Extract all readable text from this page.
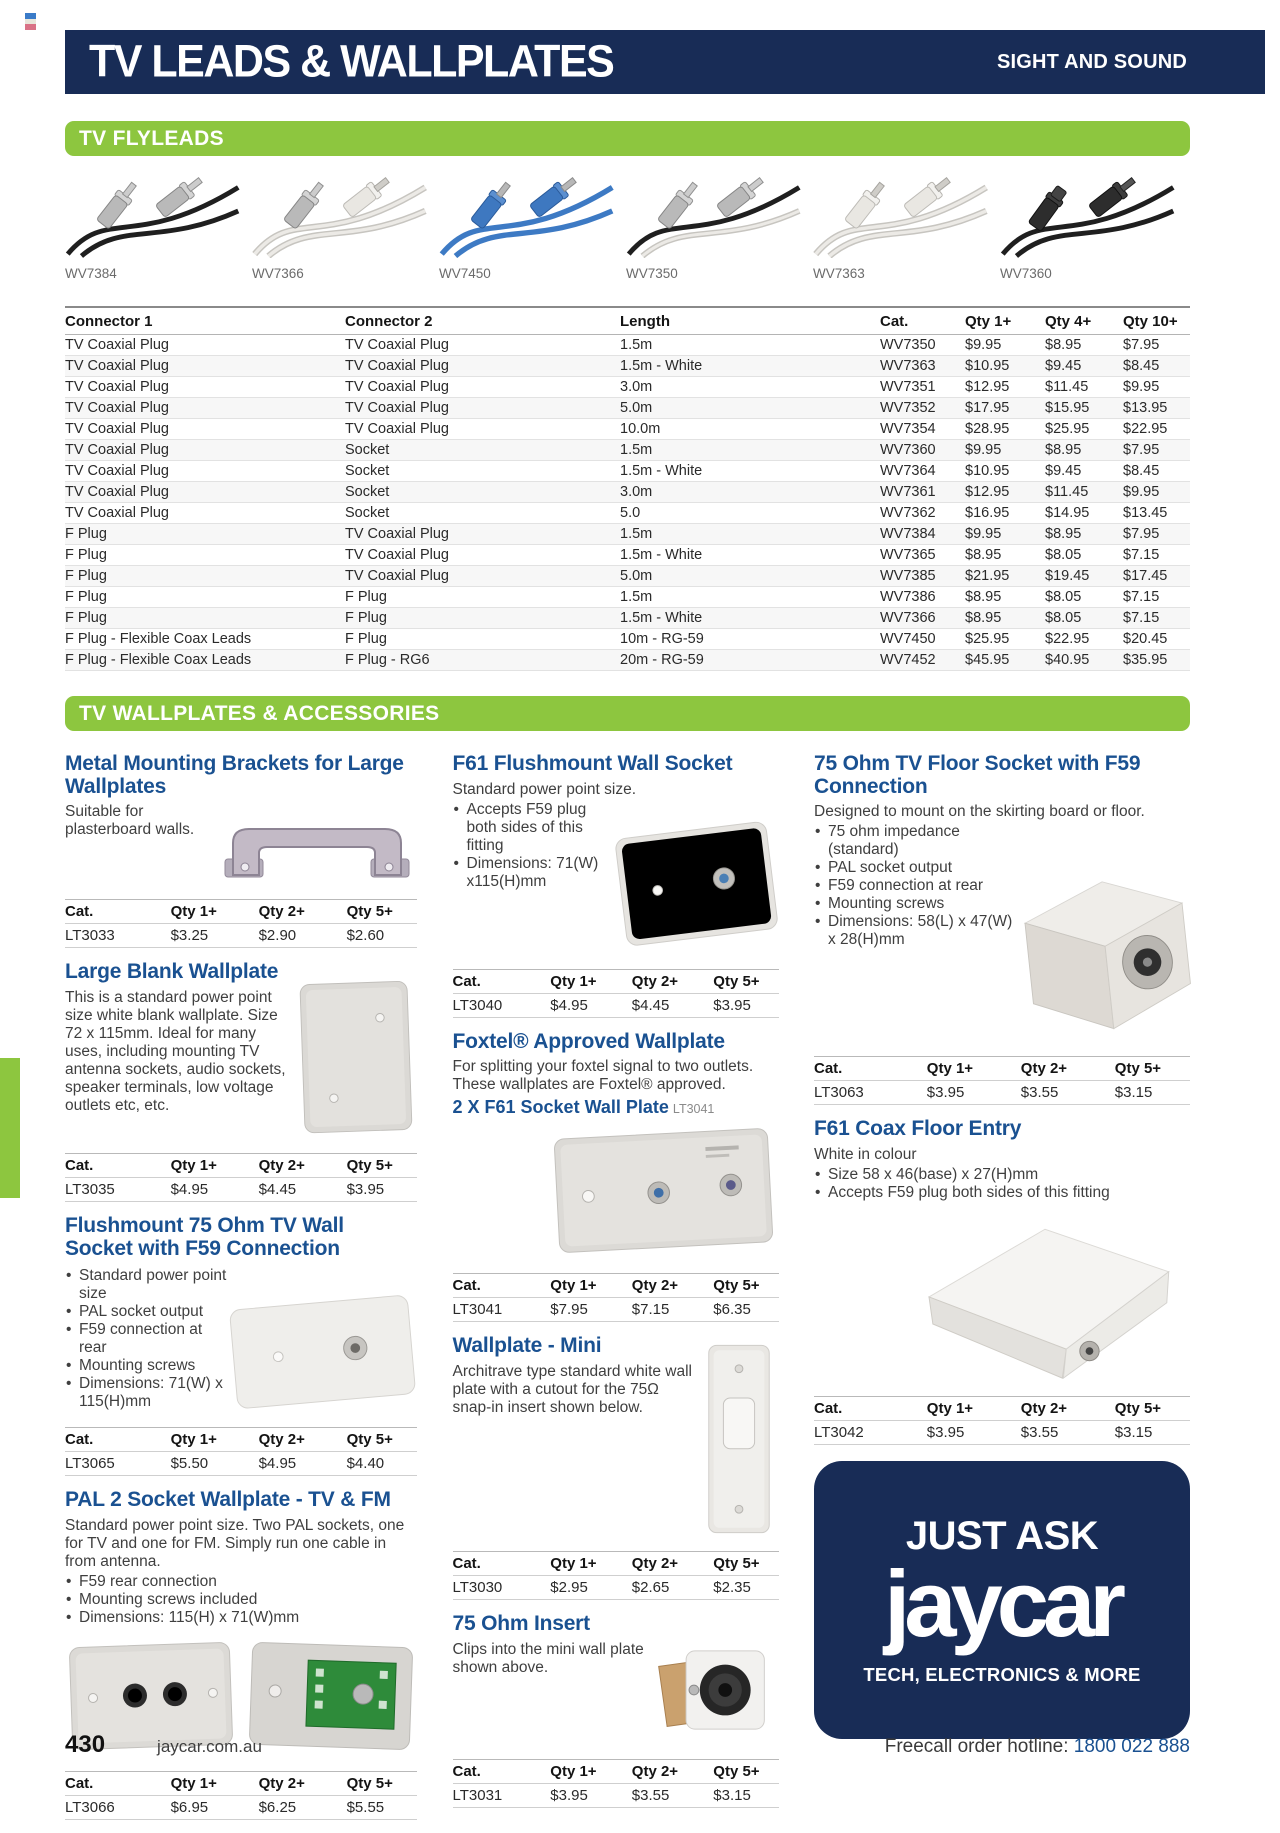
TV LEADS & WALLPLATES	SIGHT AND SOUND
TV FLYLEADS
WV7384	WV7366	WV7450	WV7350	WV7363	WV7360
Connector 1	Connector 2	Length	Cat.	Qty 1+	Qty 4+	Qty 10+
TV Coaxial Plug	TV Coaxial Plug	1.5m	WV7350	$9.95	$8.95	$7.95
TV Coaxial Plug	TV Coaxial Plug	1.5m - White	WV7363	$10.95	$9.45	$8.45
TV Coaxial Plug	TV Coaxial Plug	3.0m	WV7351	$12.95	$11.45	$9.95
TV Coaxial Plug	TV Coaxial Plug	5.0m	WV7352	$17.95	$15.95	$13.95
TV Coaxial Plug	TV Coaxial Plug	10.0m	WV7354	$28.95	$25.95	$22.95
TV Coaxial Plug	Socket	1.5m	WV7360	$9.95	$8.95	$7.95
TV Coaxial Plug	Socket	1.5m - White	WV7364	$10.95	$9.45	$8.45
TV Coaxial Plug	Socket	3.0m	WV7361	$12.95	$11.45	$9.95
TV Coaxial Plug	Socket	5.0	WV7362	$16.95	$14.95	$13.45
F Plug	TV Coaxial Plug	1.5m	WV7384	$9.95	$8.95	$7.95
F Plug	TV Coaxial Plug	1.5m - White	WV7365	$8.95	$8.05	$7.15
F Plug	TV Coaxial Plug	5.0m	WV7385	$21.95	$19.45	$17.45
F Plug	F Plug	1.5m	WV7386	$8.95	$8.05	$7.15
F Plug	F Plug	1.5m - White	WV7366	$8.95	$8.05	$7.15
F Plug - Flexible Coax Leads	F Plug	10m - RG-59	WV7450	$25.95	$22.95	$20.45
F Plug - Flexible Coax Leads	F Plug - RG6	20m - RG-59	WV7452	$45.95	$40.95	$35.95
TV WALLPLATES & ACCESSORIES
Metal Mounting Brackets for Large Wallplates

Suitable for plasterboard walls.

Cat.	Qty 1+	Qty 2+	Qty 5+
LT3033	$3.25	$2.90	$2.60
Large Blank Wallplate

This is a standard power point size white blank wallplate. Size 72 x 115mm. Ideal for many uses, including mounting TV antenna sockets, audio sockets, speaker terminals, low voltage outlets etc, etc.

Cat.	Qty 1+	Qty 2+	Qty 5+
LT3035	$4.95	$4.45	$3.95
Flushmount 75 Ohm TV Wall Socket with F59 Connection
• Standard power point size
• PAL socket output
• F59 connection at rear
• Mounting screws
• Dimensions: 71(W) x 115(H)mm
Cat.	Qty 1+	Qty 2+	Qty 5+
LT3065	$5.50	$4.95	$4.40
PAL 2 Socket Wallplate - TV & FM

Standard power point size. Two PAL sockets, one for TV and one for FM. Simply run one cable in from antenna.

• F59 rear connection
• Mounting screws included
• Dimensions: 115(H) x 71(W)mm
Cat.	Qty 1+	Qty 2+	Qty 5+
LT3066	$6.95	$6.25	$5.55
F61 Flushmount Wall Socket

Standard power point size.

• Accepts F59 plug both sides of this fitting
• Dimensions: 71(W) x115(H)mm
Cat.	Qty 1+	Qty 2+	Qty 5+
LT3040	$4.95	$4.45	$3.95
Foxtel® Approved Wallplate

For splitting your foxtel signal to two outlets. These wallplates are Foxtel® approved.

2 X F61 Socket Wall Plate LT3041
Cat.	Qty 1+	Qty 2+	Qty 5+
LT3041	$7.95	$7.15	$6.35
Wallplate - Mini

Architrave type standard white wall plate with a cutout for the 75Ω snap-in insert shown below.

Cat.	Qty 1+	Qty 2+	Qty 5+
LT3030	$2.95	$2.65	$2.35
75 Ohm Insert

Clips into the mini wall plate shown above.

Cat.	Qty 1+	Qty 2+	Qty 5+
LT3031	$3.95	$3.55	$3.15
75 Ohm TV Floor Socket with F59 Connection

Designed to mount on the skirting board or floor.

• 75 ohm impedance (standard)
• PAL socket output
• F59 connection at rear
• Mounting screws
• Dimensions: 58(L) x 47(W) x 28(H)mm
Cat.	Qty 1+	Qty 2+	Qty 5+
LT3063	$3.95	$3.55	$3.15
F61 Coax Floor Entry

White in colour

• Size 58 x 46(base) x 27(H)mm
• Accepts F59 plug both sides of this fitting
Cat.	Qty 1+	Qty 2+	Qty 5+
LT3042	$3.95	$3.55	$3.15
JUST ASK
jaycar
TECH, ELECTRONICS & MORE
430	jaycar.com.au	Freecall order hotline: 1800 022 888
